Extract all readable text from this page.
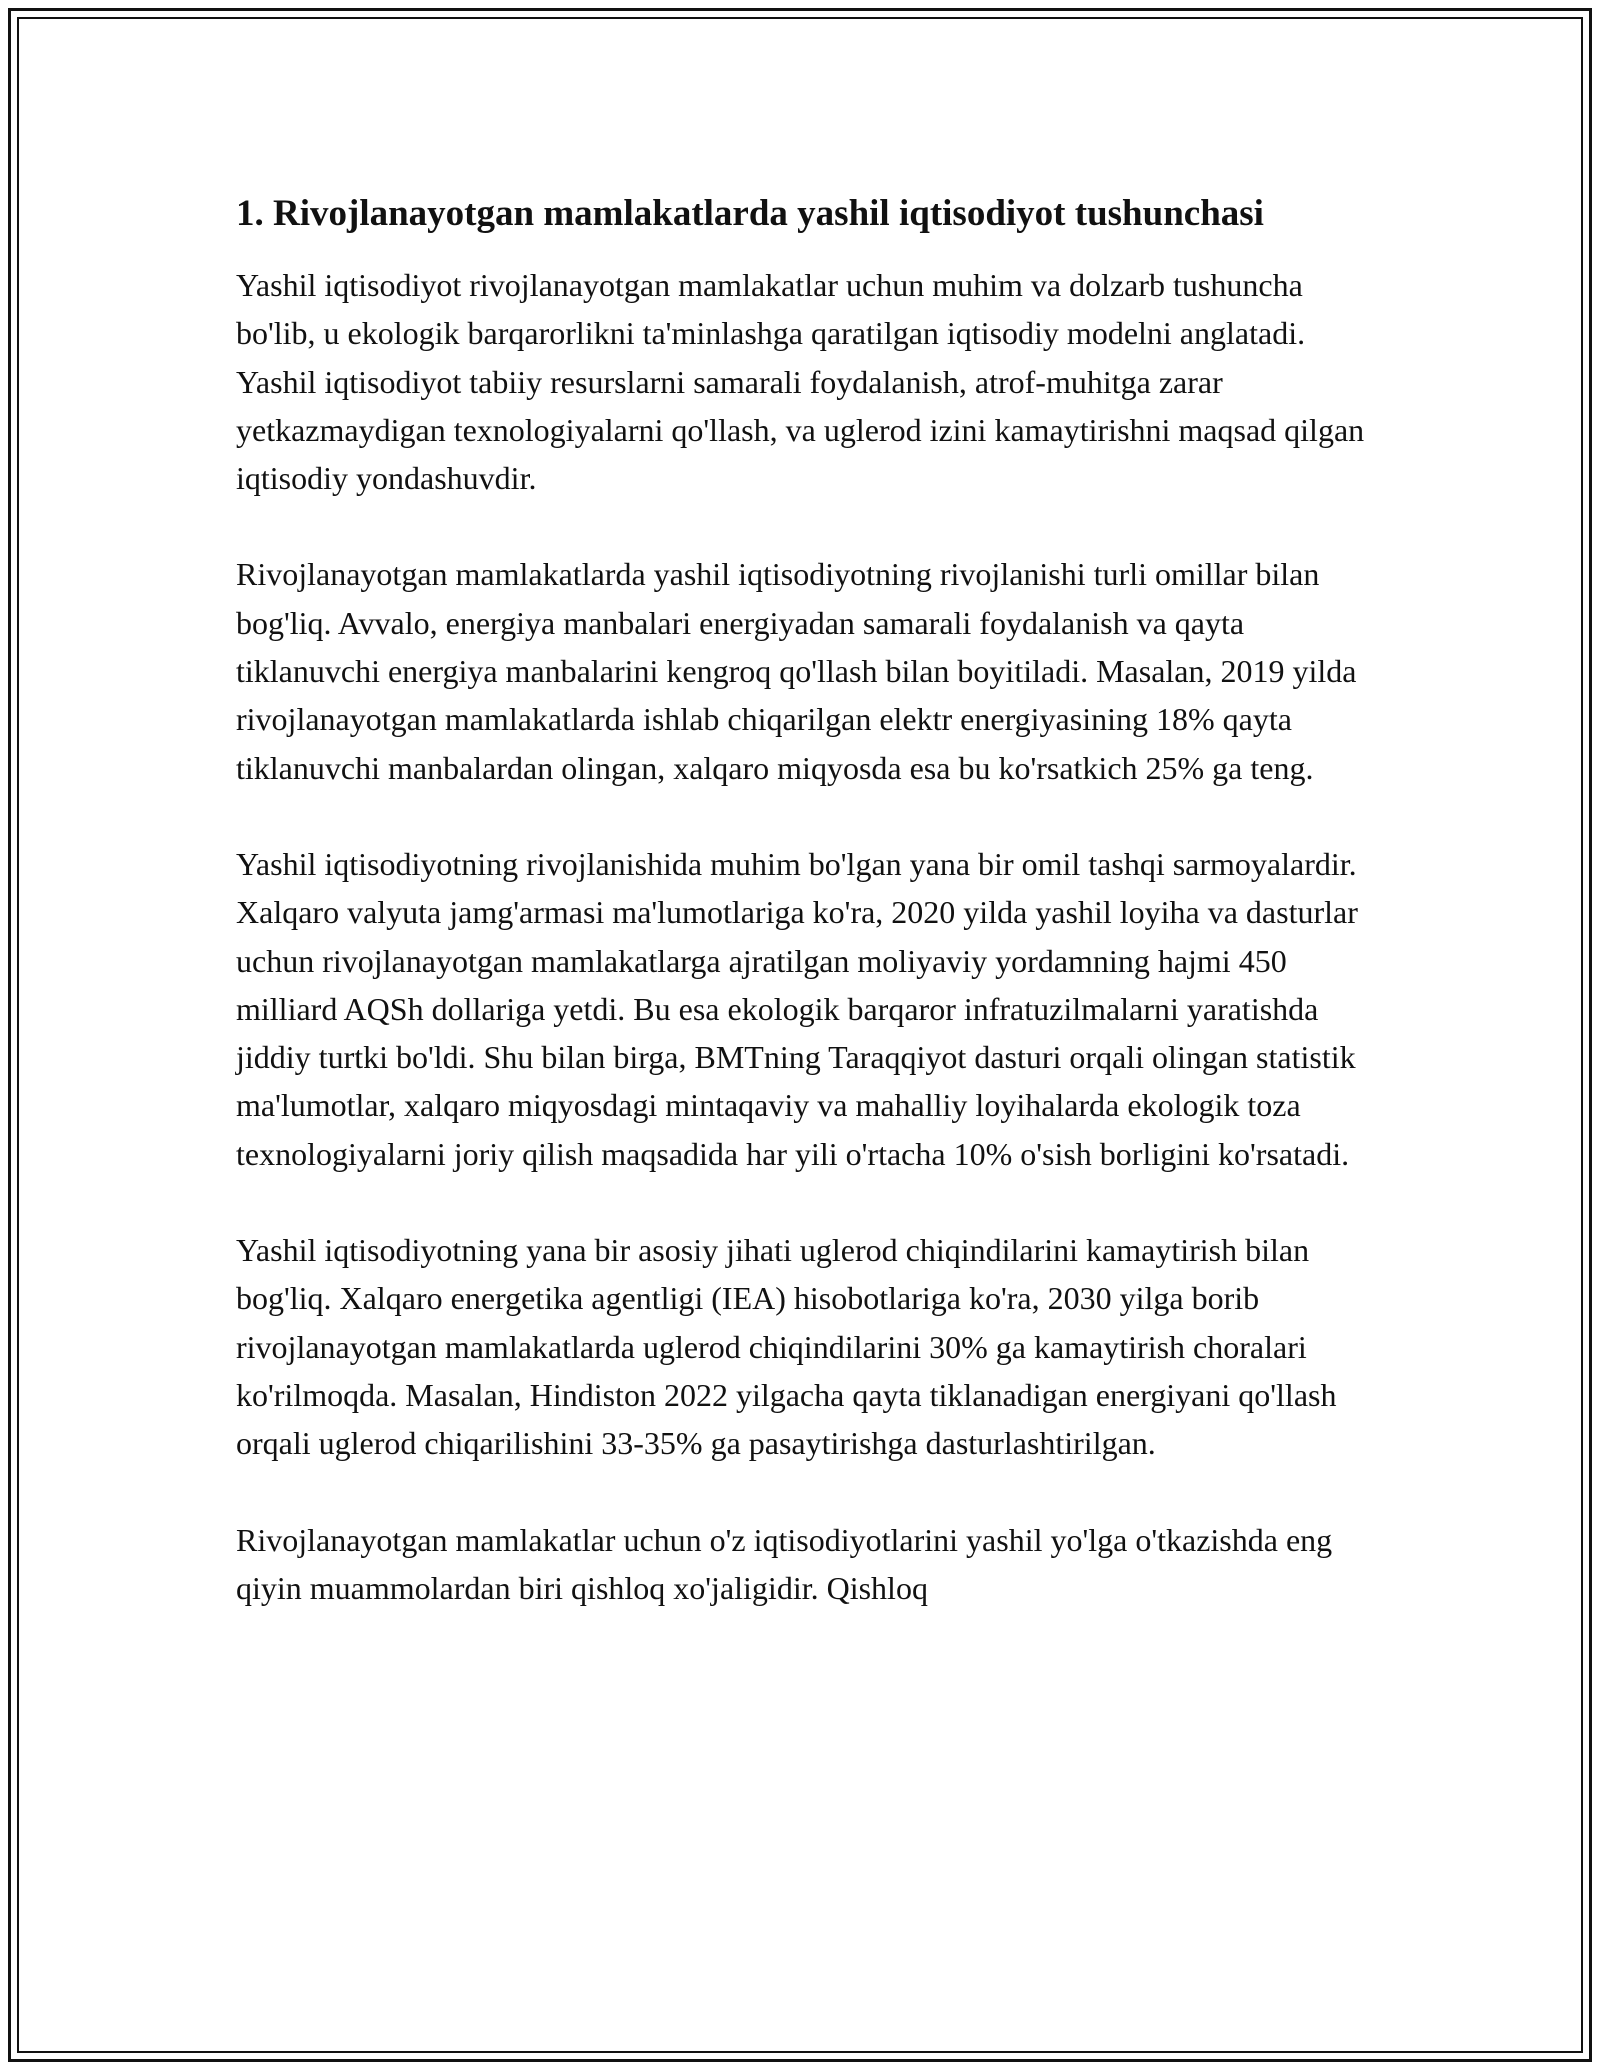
1. Rivojlanayotgan mamlakatlarda yashil iqtisodiyot tushunchasi

Yashil iqtisodiyot rivojlanayotgan mamlakatlar uchun muhim va dolzarb tushuncha bo'lib, u ekologik barqarorlikni ta'minlashga qaratilgan iqtisodiy modelni anglatadi. Yashil iqtisodiyot tabiiy resurslarni samarali foydalanish, atrof-muhitga zarar yetkazmaydigan texnologiyalarni qo'llash, va uglerod izini kamaytirishni maqsad qilgan iqtisodiy yondashuvdir.

Rivojlanayotgan mamlakatlarda yashil iqtisodiyotning rivojlanishi turli omillar bilan bog'liq. Avvalo, energiya manbalari energiyadan samarali foydalanish va qayta tiklanuvchi energiya manbalarini kengroq qo'llash bilan boyitiladi. Masalan, 2019 yilda rivojlanayotgan mamlakatlarda ishlab chiqarilgan elektr energiyasining 18% qayta tiklanuvchi manbalardan olingan, xalqaro miqyosda esa bu ko'rsatkich 25% ga teng.

Yashil iqtisodiyotning rivojlanishida muhim bo'lgan yana bir omil tashqi sarmoyalardir. Xalqaro valyuta jamg'armasi ma'lumotlariga ko'ra, 2020 yilda yashil loyiha va dasturlar uchun rivojlanayotgan mamlakatlarga ajratilgan moliyaviy yordamning hajmi 450 milliard AQSh dollariga yetdi. Bu esa ekologik barqaror infratuzilmalarni yaratishda jiddiy turtki bo'ldi. Shu bilan birga, BMTning Taraqqiyot dasturi orqali olingan statistik ma'lumotlar, xalqaro miqyosdagi mintaqaviy va mahalliy loyihalarda ekologik toza texnologiyalarni joriy qilish maqsadida har yili o'rtacha 10% o'sish borligini ko'rsatadi.

Yashil iqtisodiyotning yana bir asosiy jihati uglerod chiqindilarini kamaytirish bilan bog'liq. Xalqaro energetika agentligi (IEA) hisobotlariga ko'ra, 2030 yilga borib rivojlanayotgan mamlakatlarda uglerod chiqindilarini 30% ga kamaytirish choralari ko'rilmoqda. Masalan, Hindiston 2022 yilgacha qayta tiklanadigan energiyani qo'llash orqali uglerod chiqarilishini 33-35% ga pasaytirishga dasturlashtirilgan.

Rivojlanayotgan mamlakatlar uchun o'z iqtisodiyotlarini yashil yo'lga o'tkazishda eng qiyin muammolardan biri qishloq xo'jaligidir. Qishloq
